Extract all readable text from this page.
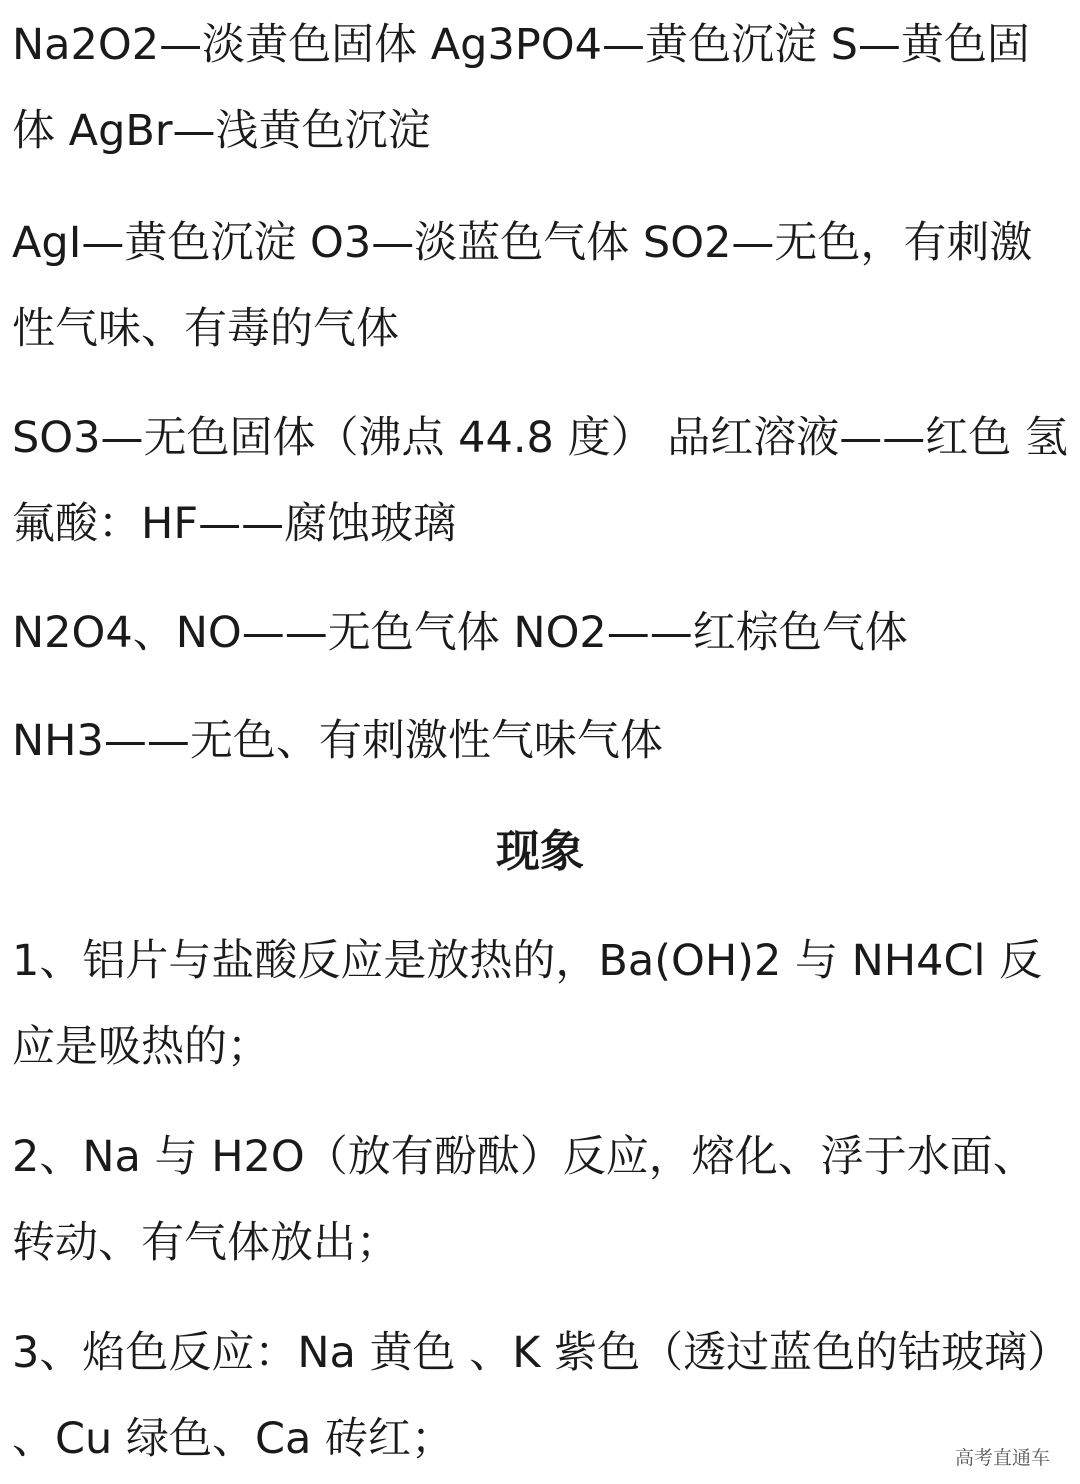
Na2O2—淡黄色固体 Ag3PO4—黄色沉淀 S—黄色固体 AgBr—浅黄色沉淀

AgI—黄色沉淀 O3—淡蓝色气体 SO2—无色，有刺激性气味、有毒的气体

SO3—无色固体（沸点 44.8 度） 品红溶液——红色 氢氟酸：HF——腐蚀玻璃

N2O4、NO——无色气体 NO2——红棕色气体

NH3——无色、有刺激性气味气体

现象

1、铝片与盐酸反应是放热的，Ba(OH)2 与 NH4Cl 反应是吸热的；

2、Na 与 H2O（放有酚酞）反应，熔化、浮于水面、转动、有气体放出；

3、焰色反应：Na 黄色 、K 紫色（透过蓝色的钴玻璃） 、Cu 绿色、Ca 砖红；	高考直通车
